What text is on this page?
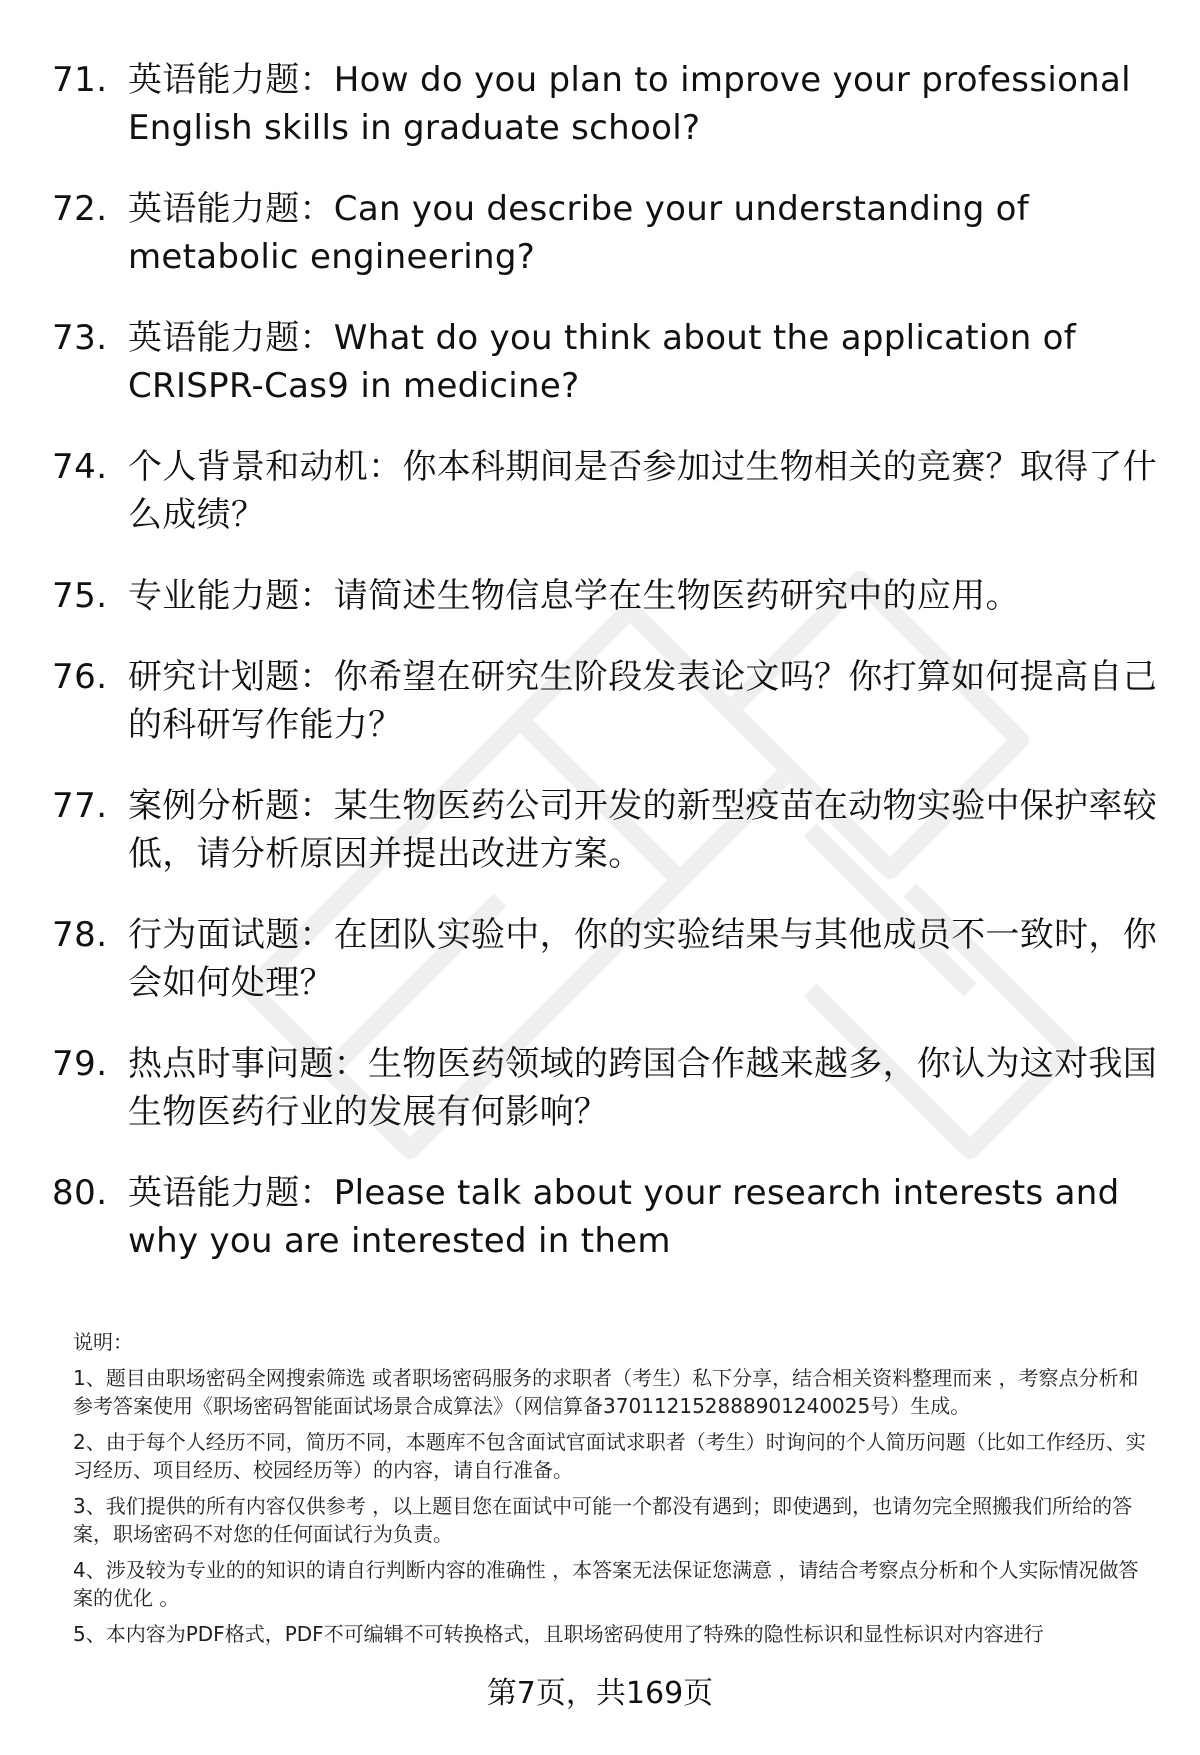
71. 英语能力题：How do you plan to improve your professional English skills in graduate school?
72. 英语能力题：Can you describe your understanding of metabolic engineering?
73. 英语能力题：What do you think about the application of CRISPR-Cas9 in medicine?
74. 个人背景和动机：你本科期间是否参加过生物相关的竞赛？取得了什么成绩？
75. 专业能力题：请简述生物信息学在生物医药研究中的应用。
76. 研究计划题：你希望在研究生阶段发表论文吗？你打算如何提高自己的科研写作能力？
77. 案例分析题：某生物医药公司开发的新型疫苗在动物实验中保护率较低，请分析原因并提出改进方案。
78. 行为面试题：在团队实验中，你的实验结果与其他成员不一致时，你会如何处理？
79. 热点时事问题：生物医药领域的跨国合作越来越多，你认为这对我国生物医药行业的发展有何影响？
80. 英语能力题：Please talk about your research interests and why you are interested in them

说明：

1、题目由职场密码全网搜索筛选 或者职场密码服务的求职者（考生）私下分享，结合相关资料整理而来 ，考察点分析和参考答案使用《职场密码智能面试场景合成算法》（网信算备370112152888901240025号）生成。

2、由于每个人经历不同，简历不同，本题库不包含面试官面试求职者（考生）时询问的个人简历问题（比如工作经历、实习经历、项目经历、校园经历等）的内容，请自行准备。

3、我们提供的所有内容仅供参考 ，以上题目您在面试中可能一个都没有遇到；即使遇到，也请勿完全照搬我们所给的答案，职场密码不对您的任何面试行为负责。

4、涉及较为专业的的知识的请自行判断内容的准确性 ，本答案无法保证您满意 ，请结合考察点分析和个人实际情况做答案的优化 。

5、本内容为PDF格式，PDF不可编辑不可转换格式，且职场密码使用了特殊的隐性标识和显性标识对内容进行

第7页，共169页
